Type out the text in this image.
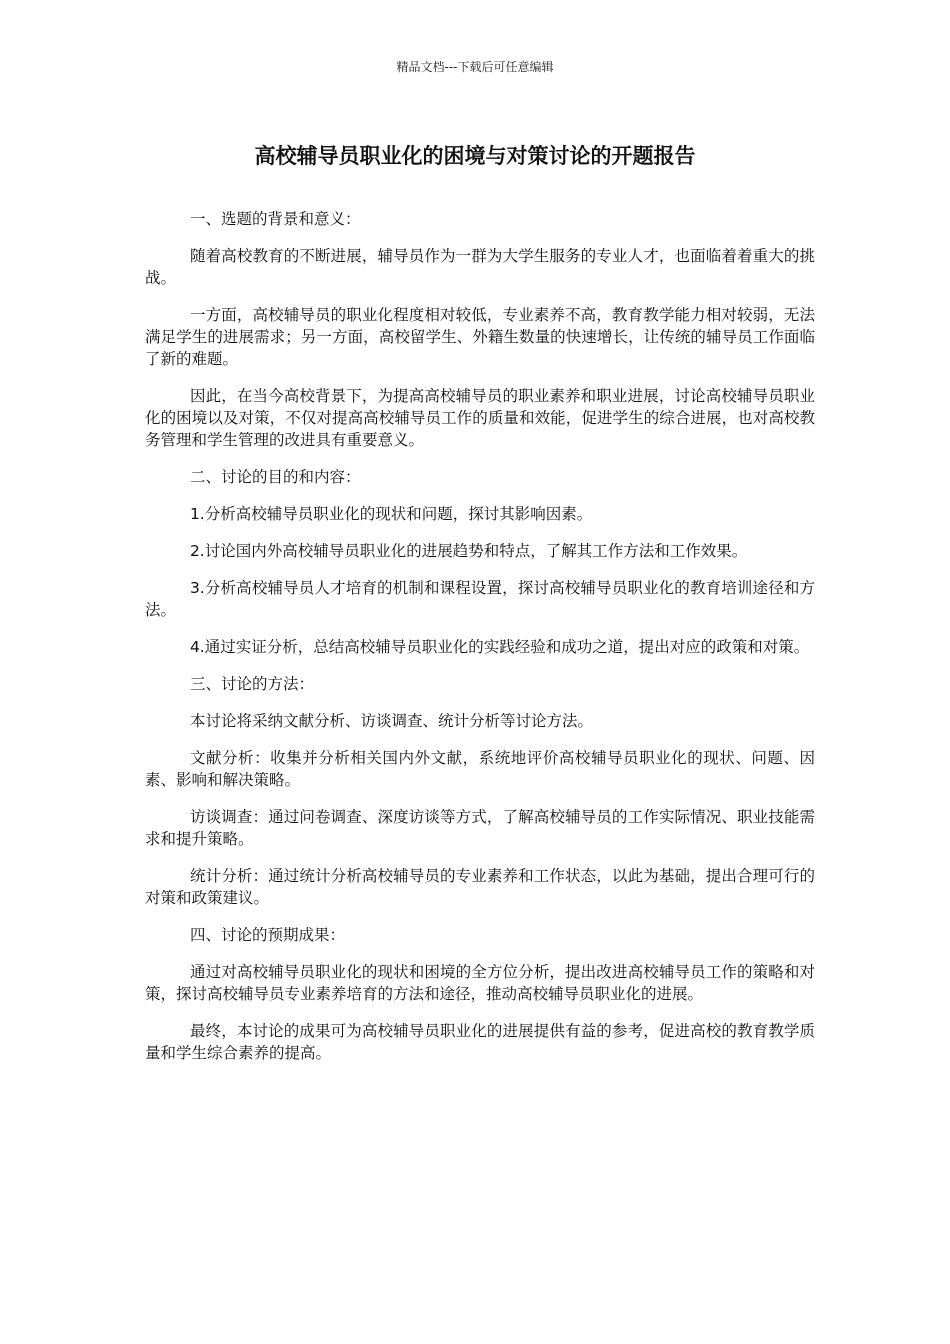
精品文档---下载后可任意编辑
高校辅导员职业化的困境与对策讨论的开题报告

一、选题的背景和意义：

随着高校教育的不断进展，辅导员作为一群为大学生服务的专业人才，也面临着着重大的挑战。

一方面，高校辅导员的职业化程度相对较低，专业素养不高，教育教学能力相对较弱，无法满足学生的进展需求；另一方面，高校留学生、外籍生数量的快速增长，让传统的辅导员工作面临了新的难题。

因此，在当今高校背景下，为提高高校辅导员的职业素养和职业进展，讨论高校辅导员职业化的困境以及对策，不仅对提高高校辅导员工作的质量和效能，促进学生的综合进展，也对高校教务管理和学生管理的改进具有重要意义。

二、讨论的目的和内容：

1.分析高校辅导员职业化的现状和问题，探讨其影响因素。

2.讨论国内外高校辅导员职业化的进展趋势和特点，了解其工作方法和工作效果。

3.分析高校辅导员人才培育的机制和课程设置，探讨高校辅导员职业化的教育培训途径和方法。

4.通过实证分析，总结高校辅导员职业化的实践经验和成功之道，提出对应的政策和对策。

三、讨论的方法：

本讨论将采纳文献分析、访谈调查、统计分析等讨论方法。

文献分析：收集并分析相关国内外文献，系统地评价高校辅导员职业化的现状、问题、因素、影响和解决策略。

访谈调查：通过问卷调查、深度访谈等方式，了解高校辅导员的工作实际情况、职业技能需求和提升策略。

统计分析：通过统计分析高校辅导员的专业素养和工作状态，以此为基础，提出合理可行的对策和政策建议。

四、讨论的预期成果：

通过对高校辅导员职业化的现状和困境的全方位分析，提出改进高校辅导员工作的策略和对策，探讨高校辅导员专业素养培育的方法和途径，推动高校辅导员职业化的进展。

最终，本讨论的成果可为高校辅导员职业化的进展提供有益的参考，促进高校的教育教学质量和学生综合素养的提高。
